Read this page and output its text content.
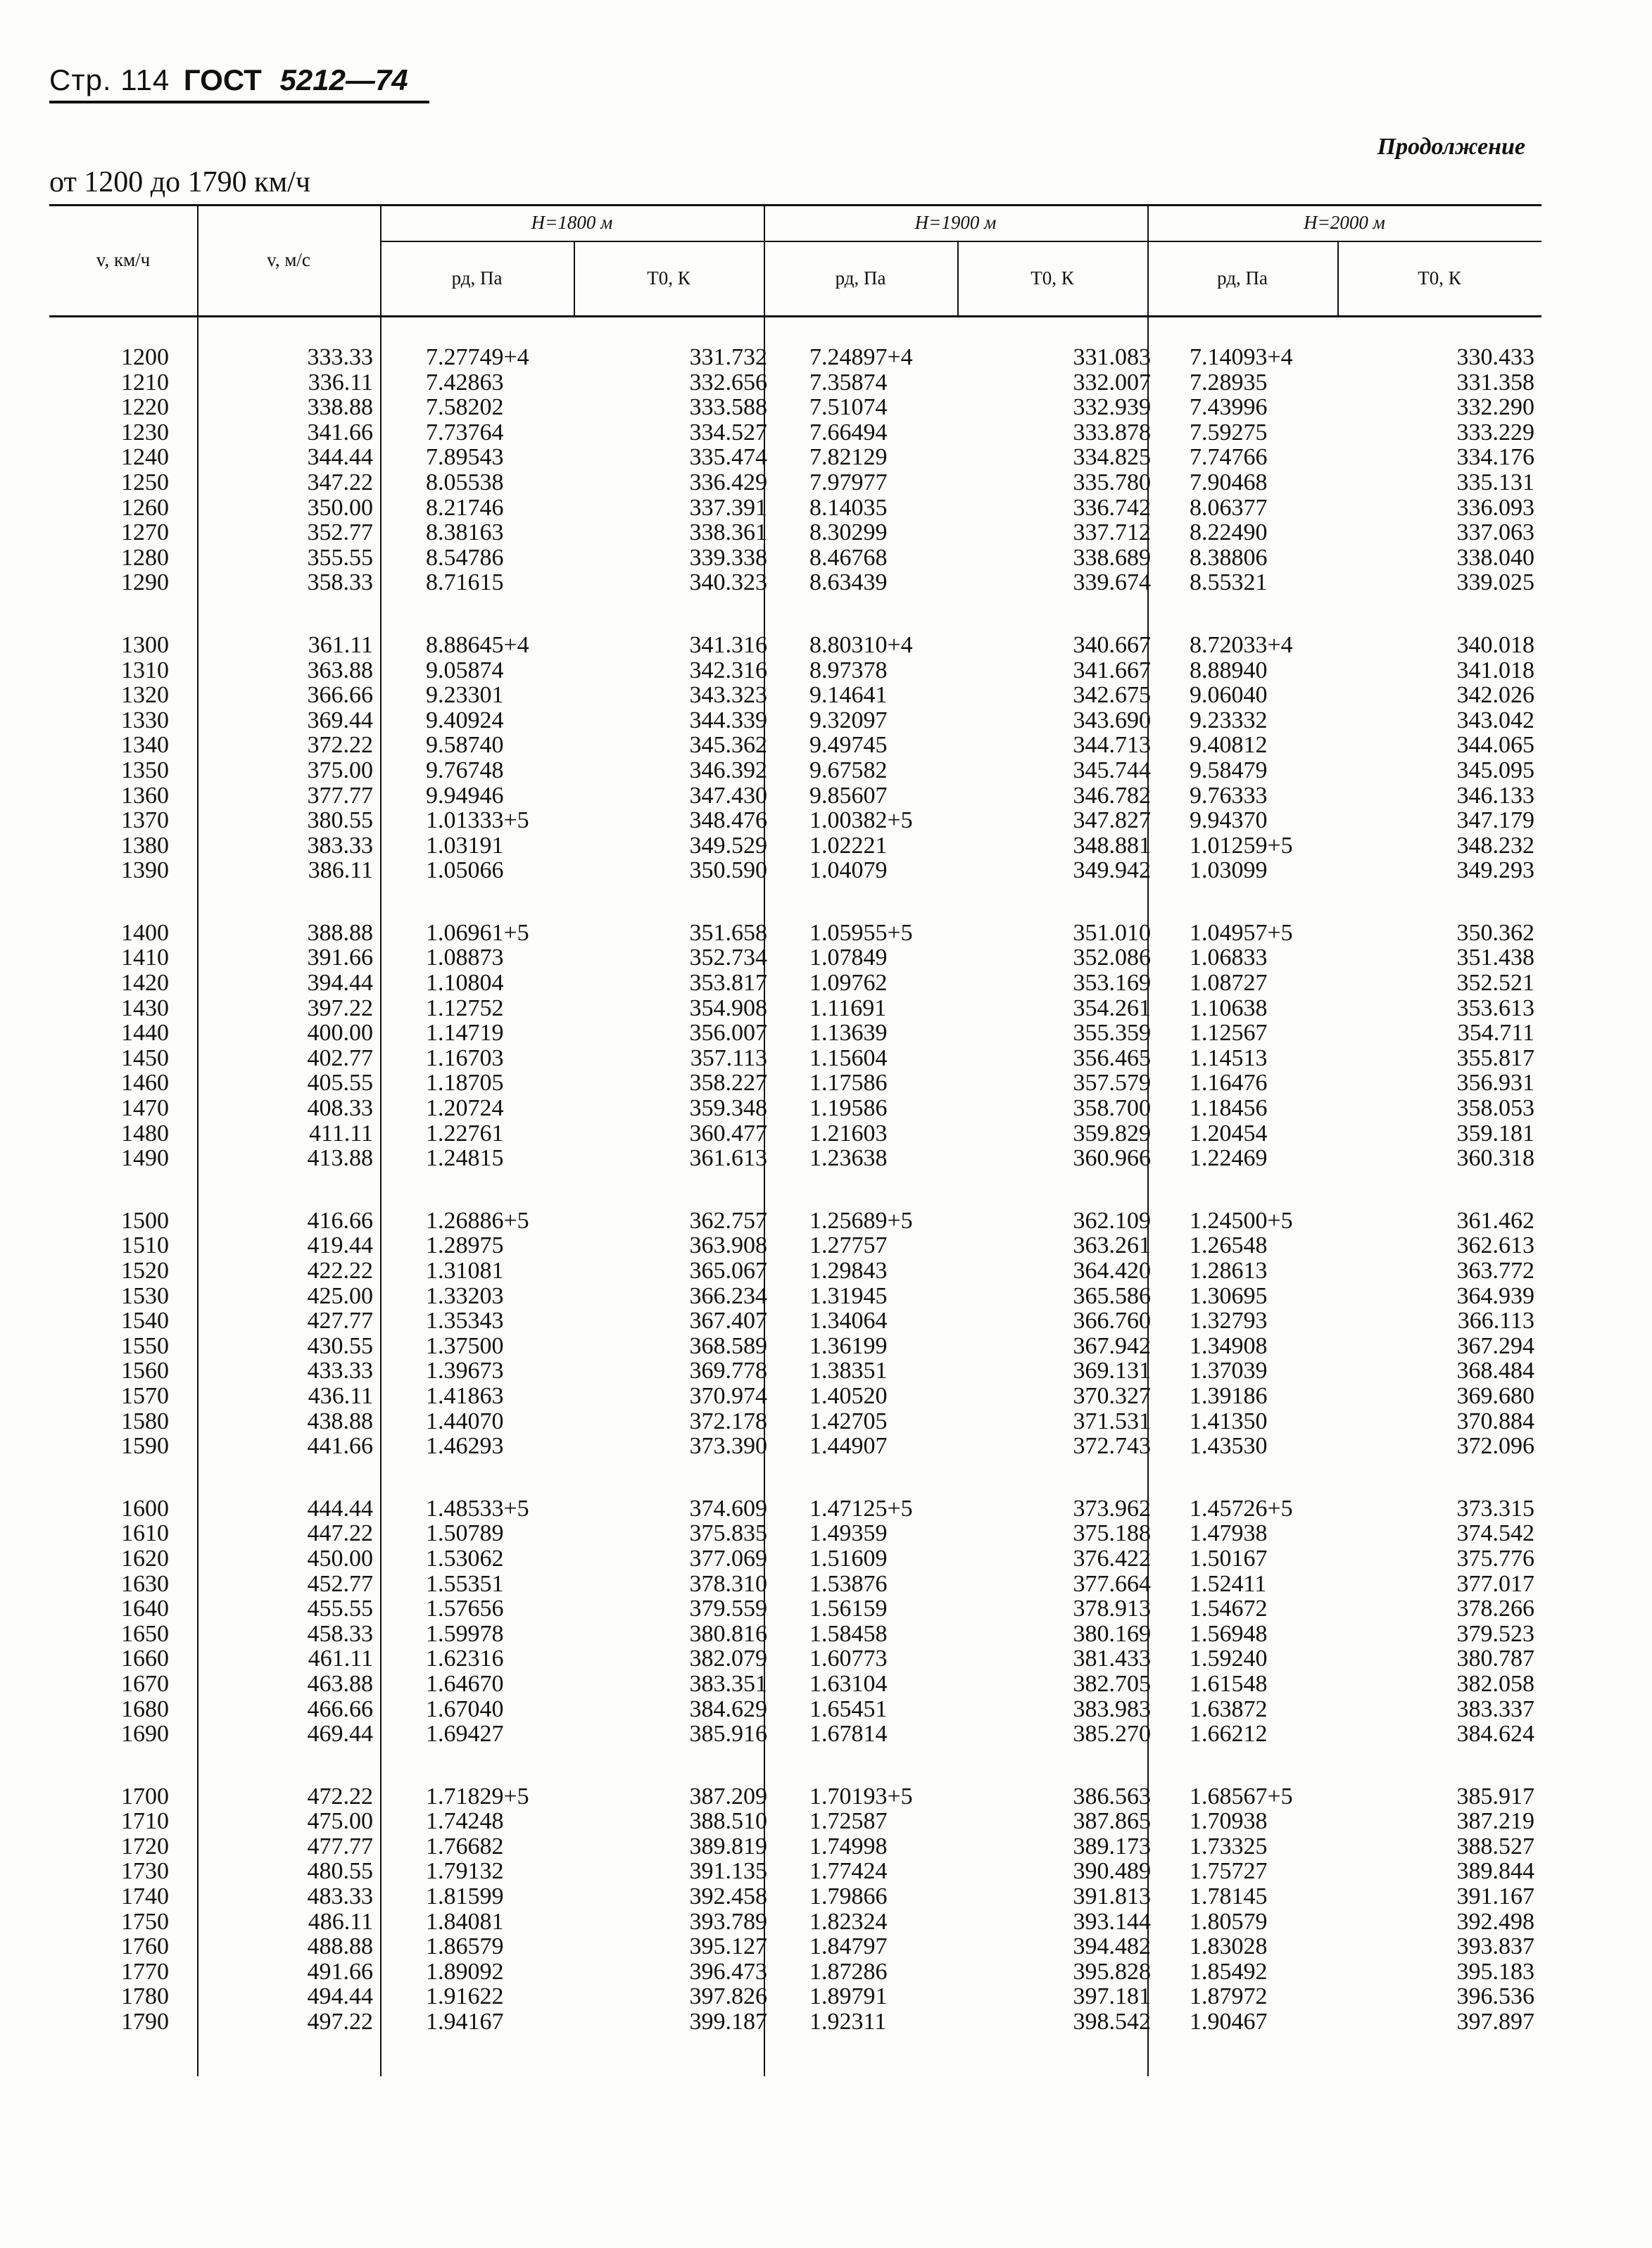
Стр. 114 ГОСТ 5212—74
Продолжение
от 1200 до 1790 км/ч
v, км/ч	v, м/с
H=1800 м	H=1900 м	H=2000 м
рд, Па	T0, К	рд, Па	T0, К	рд, Па	T0, К
1200	333.33 7.27749+4	331.732 7.24897+4	331.083 7.14093+4	330.433
1210	336.11 7.42863	332.656 7.35874	332.007 7.28935	331.358
1220	338.88 7.58202	333.588 7.51074	332.939 7.43996	332.290
1230	341.66 7.73764	334.527 7.66494	333.878 7.59275	333.229
1240	344.44 7.89543	335.474 7.82129	334.825 7.74766	334.176
1250	347.22 8.05538	336.429 7.97977	335.780 7.90468	335.131
1260	350.00 8.21746	337.391 8.14035	336.742 8.06377	336.093
1270	352.77 8.38163	338.361 8.30299	337.712 8.22490	337.063
1280	355.55 8.54786	339.338 8.46768	338.689 8.38806	338.040
1290	358.33 8.71615	340.323 8.63439	339.674 8.55321	339.025
1300	361.11 8.88645+4	341.316 8.80310+4	340.667 8.72033+4	340.018
1310	363.88 9.05874	342.316 8.97378	341.667 8.88940	341.018
1320	366.66 9.23301	343.323 9.14641	342.675 9.06040	342.026
1330	369.44 9.40924	344.339 9.32097	343.690 9.23332	343.042
1340	372.22 9.58740	345.362 9.49745	344.713 9.40812	344.065
1350	375.00 9.76748	346.392 9.67582	345.744 9.58479	345.095
1360	377.77 9.94946	347.430 9.85607	346.782 9.76333	346.133
1370	380.55 1.01333+5	348.476 1.00382+5	347.827 9.94370	347.179
1380	383.33 1.03191	349.529 1.02221	348.881 1.01259+5	348.232
1390	386.11 1.05066	350.590 1.04079	349.942 1.03099	349.293
1400	388.88 1.06961+5	351.658 1.05955+5	351.010 1.04957+5	350.362
1410	391.66 1.08873	352.734 1.07849	352.086 1.06833	351.438
1420	394.44 1.10804	353.817 1.09762	353.169 1.08727	352.521
1430	397.22 1.12752	354.908 1.11691	354.261 1.10638	353.613
1440	400.00 1.14719	356.007 1.13639	355.359 1.12567	354.711
1450	402.77 1.16703	357.113 1.15604	356.465 1.14513	355.817
1460	405.55 1.18705	358.227 1.17586	357.579 1.16476	356.931
1470	408.33 1.20724	359.348 1.19586	358.700 1.18456	358.053
1480	411.11 1.22761	360.477 1.21603	359.829 1.20454	359.181
1490	413.88 1.24815	361.613 1.23638	360.966 1.22469	360.318
1500	416.66 1.26886+5	362.757 1.25689+5	362.109 1.24500+5	361.462
1510	419.44 1.28975	363.908 1.27757	363.261 1.26548	362.613
1520	422.22 1.31081	365.067 1.29843	364.420 1.28613	363.772
1530	425.00 1.33203	366.234 1.31945	365.586 1.30695	364.939
1540	427.77 1.35343	367.407 1.34064	366.760 1.32793	366.113
1550	430.55 1.37500	368.589 1.36199	367.942 1.34908	367.294
1560	433.33 1.39673	369.778 1.38351	369.131 1.37039	368.484
1570	436.11 1.41863	370.974 1.40520	370.327 1.39186	369.680
1580	438.88 1.44070	372.178 1.42705	371.531 1.41350	370.884
1590	441.66 1.46293	373.390 1.44907	372.743 1.43530	372.096
1600	444.44 1.48533+5	374.609 1.47125+5	373.962 1.45726+5	373.315
1610	447.22 1.50789	375.835 1.49359	375.188 1.47938	374.542
1620	450.00 1.53062	377.069 1.51609	376.422 1.50167	375.776
1630	452.77 1.55351	378.310 1.53876	377.664 1.52411	377.017
1640	455.55 1.57656	379.559 1.56159	378.913 1.54672	378.266
1650	458.33 1.59978	380.816 1.58458	380.169 1.56948	379.523
1660	461.11 1.62316	382.079 1.60773	381.433 1.59240	380.787
1670	463.88 1.64670	383.351 1.63104	382.705 1.61548	382.058
1680	466.66 1.67040	384.629 1.65451	383.983 1.63872	383.337
1690	469.44 1.69427	385.916 1.67814	385.270 1.66212	384.624
1700	472.22 1.71829+5	387.209 1.70193+5	386.563 1.68567+5	385.917
1710	475.00 1.74248	388.510 1.72587	387.865 1.70938	387.219
1720	477.77 1.76682	389.819 1.74998	389.173 1.73325	388.527
1730	480.55 1.79132	391.135 1.77424	390.489 1.75727	389.844
1740	483.33 1.81599	392.458 1.79866	391.813 1.78145	391.167
1750	486.11 1.84081	393.789 1.82324	393.144 1.80579	392.498
1760	488.88 1.86579	395.127 1.84797	394.482 1.83028	393.837
1770	491.66 1.89092	396.473 1.87286	395.828 1.85492	395.183
1780	494.44 1.91622	397.826 1.89791	397.181 1.87972	396.536
1790	497.22 1.94167	399.187 1.92311	398.542 1.90467	397.897
